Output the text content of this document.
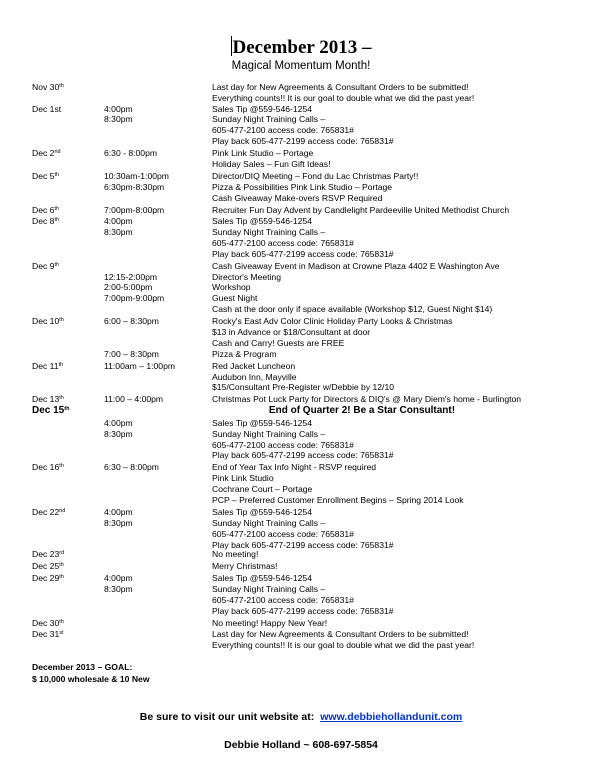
December 2013 –
Magical Momentum Month!
Nov 30th	Last day for New Agreements & Consultant Orders to be submitted!
Everything counts!! It is our goal to double what we did the past year!
Dec 1st	4:00pm	Sales Tip @559-546-1254
8:30pm	Sunday Night Training Calls –
605-477-2100 access code: 765831#
Play back 605-477-2199 access code: 765831#
Dec 2nd	6:30 - 8:00pm	Pink Link Studio – Portage
Holiday Sales – Fun Gift Ideas!
Dec 5th	10:30am-1:00pm	Director/DIQ Meeting – Fond du Lac Christmas Party!!
6:30pm-8:30pm	Pizza & Possibilities Pink Link Studio – Portage
Cash Giveaway Make-overs RSVP Required
Dec 6th	7:00pm-8:00pm	Recruiter Fun Day Advent by Candlelight Pardeeville United Methodist Church
Dec 8th	4:00pm	Sales Tip @559-546-1254
8:30pm	Sunday Night Training Calls –
605-477-2100 access code: 765831#
Play back 605-477-2199 access code: 765831#
Dec 9th	Cash Giveaway Event in Madison at Crowne Plaza 4402 E Washington Ave
12:15-2:00pm	Director's Meeting
2:00-5:00pm	Workshop
7:00pm-9:00pm	Guest Night
Cash at the door only if space available (Workshop $12, Guest Night $14)
Dec 10th	6:00 – 8:30pm	Rocky's East Adv Color Clinic Holiday Party Looks & Christmas
$13 in Advance or $18/Consultant at door
Cash and Carry! Guests are FREE
7:00 – 8:30pm	Pizza & Program
Dec 11th	11:00am – 1:00pm	Red Jacket Luncheon
Audubon Inn, Mayville
$15/Consultant Pre-Register w/Debbie by 12/10
Dec 13th	11:00 – 4:00pm	Christmas Pot Luck Party for Directors & DIQ's @ Mary Diem's home - Burlington
Dec 15th	End of Quarter 2! Be a Star Consultant!
4:00pm	Sales Tip @559-546-1254
8:30pm	Sunday Night Training Calls –
605-477-2100 access code: 765831#
Play back 605-477-2199 access code: 765831#
Dec 16th	6:30 – 8:00pm	End of Year Tax Info Night - RSVP required
Pink Link Studio
Cochrane Court – Portage
PCP – Preferred Customer Enrollment Begins – Spring 2014 Look
Dec 22nd	4:00pm	Sales Tip @559-546-1254
8:30pm	Sunday Night Training Calls –
605-477-2100 access code: 765831#
Play back 605-477-2199 access code: 765831#
Dec 23rd	No meeting!
Dec 25th	Merry Christmas!
Dec 29th	4:00pm	Sales Tip @559-546-1254
8:30pm	Sunday Night Training Calls –
605-477-2100 access code: 765831#
Play back 605-477-2199 access code: 765831#
Dec 30th	No meeting! Happy New Year!
Dec 31st	Last day for New Agreements & Consultant Orders to be submitted!
Everything counts!! It is our goal to double what we did the past year!
December 2013 – GOAL:
$ 10,000 wholesale & 10 New
Be sure to visit our unit website at: www.debbiehollandunit.com
Debbie Holland ~ 608-697-5854
